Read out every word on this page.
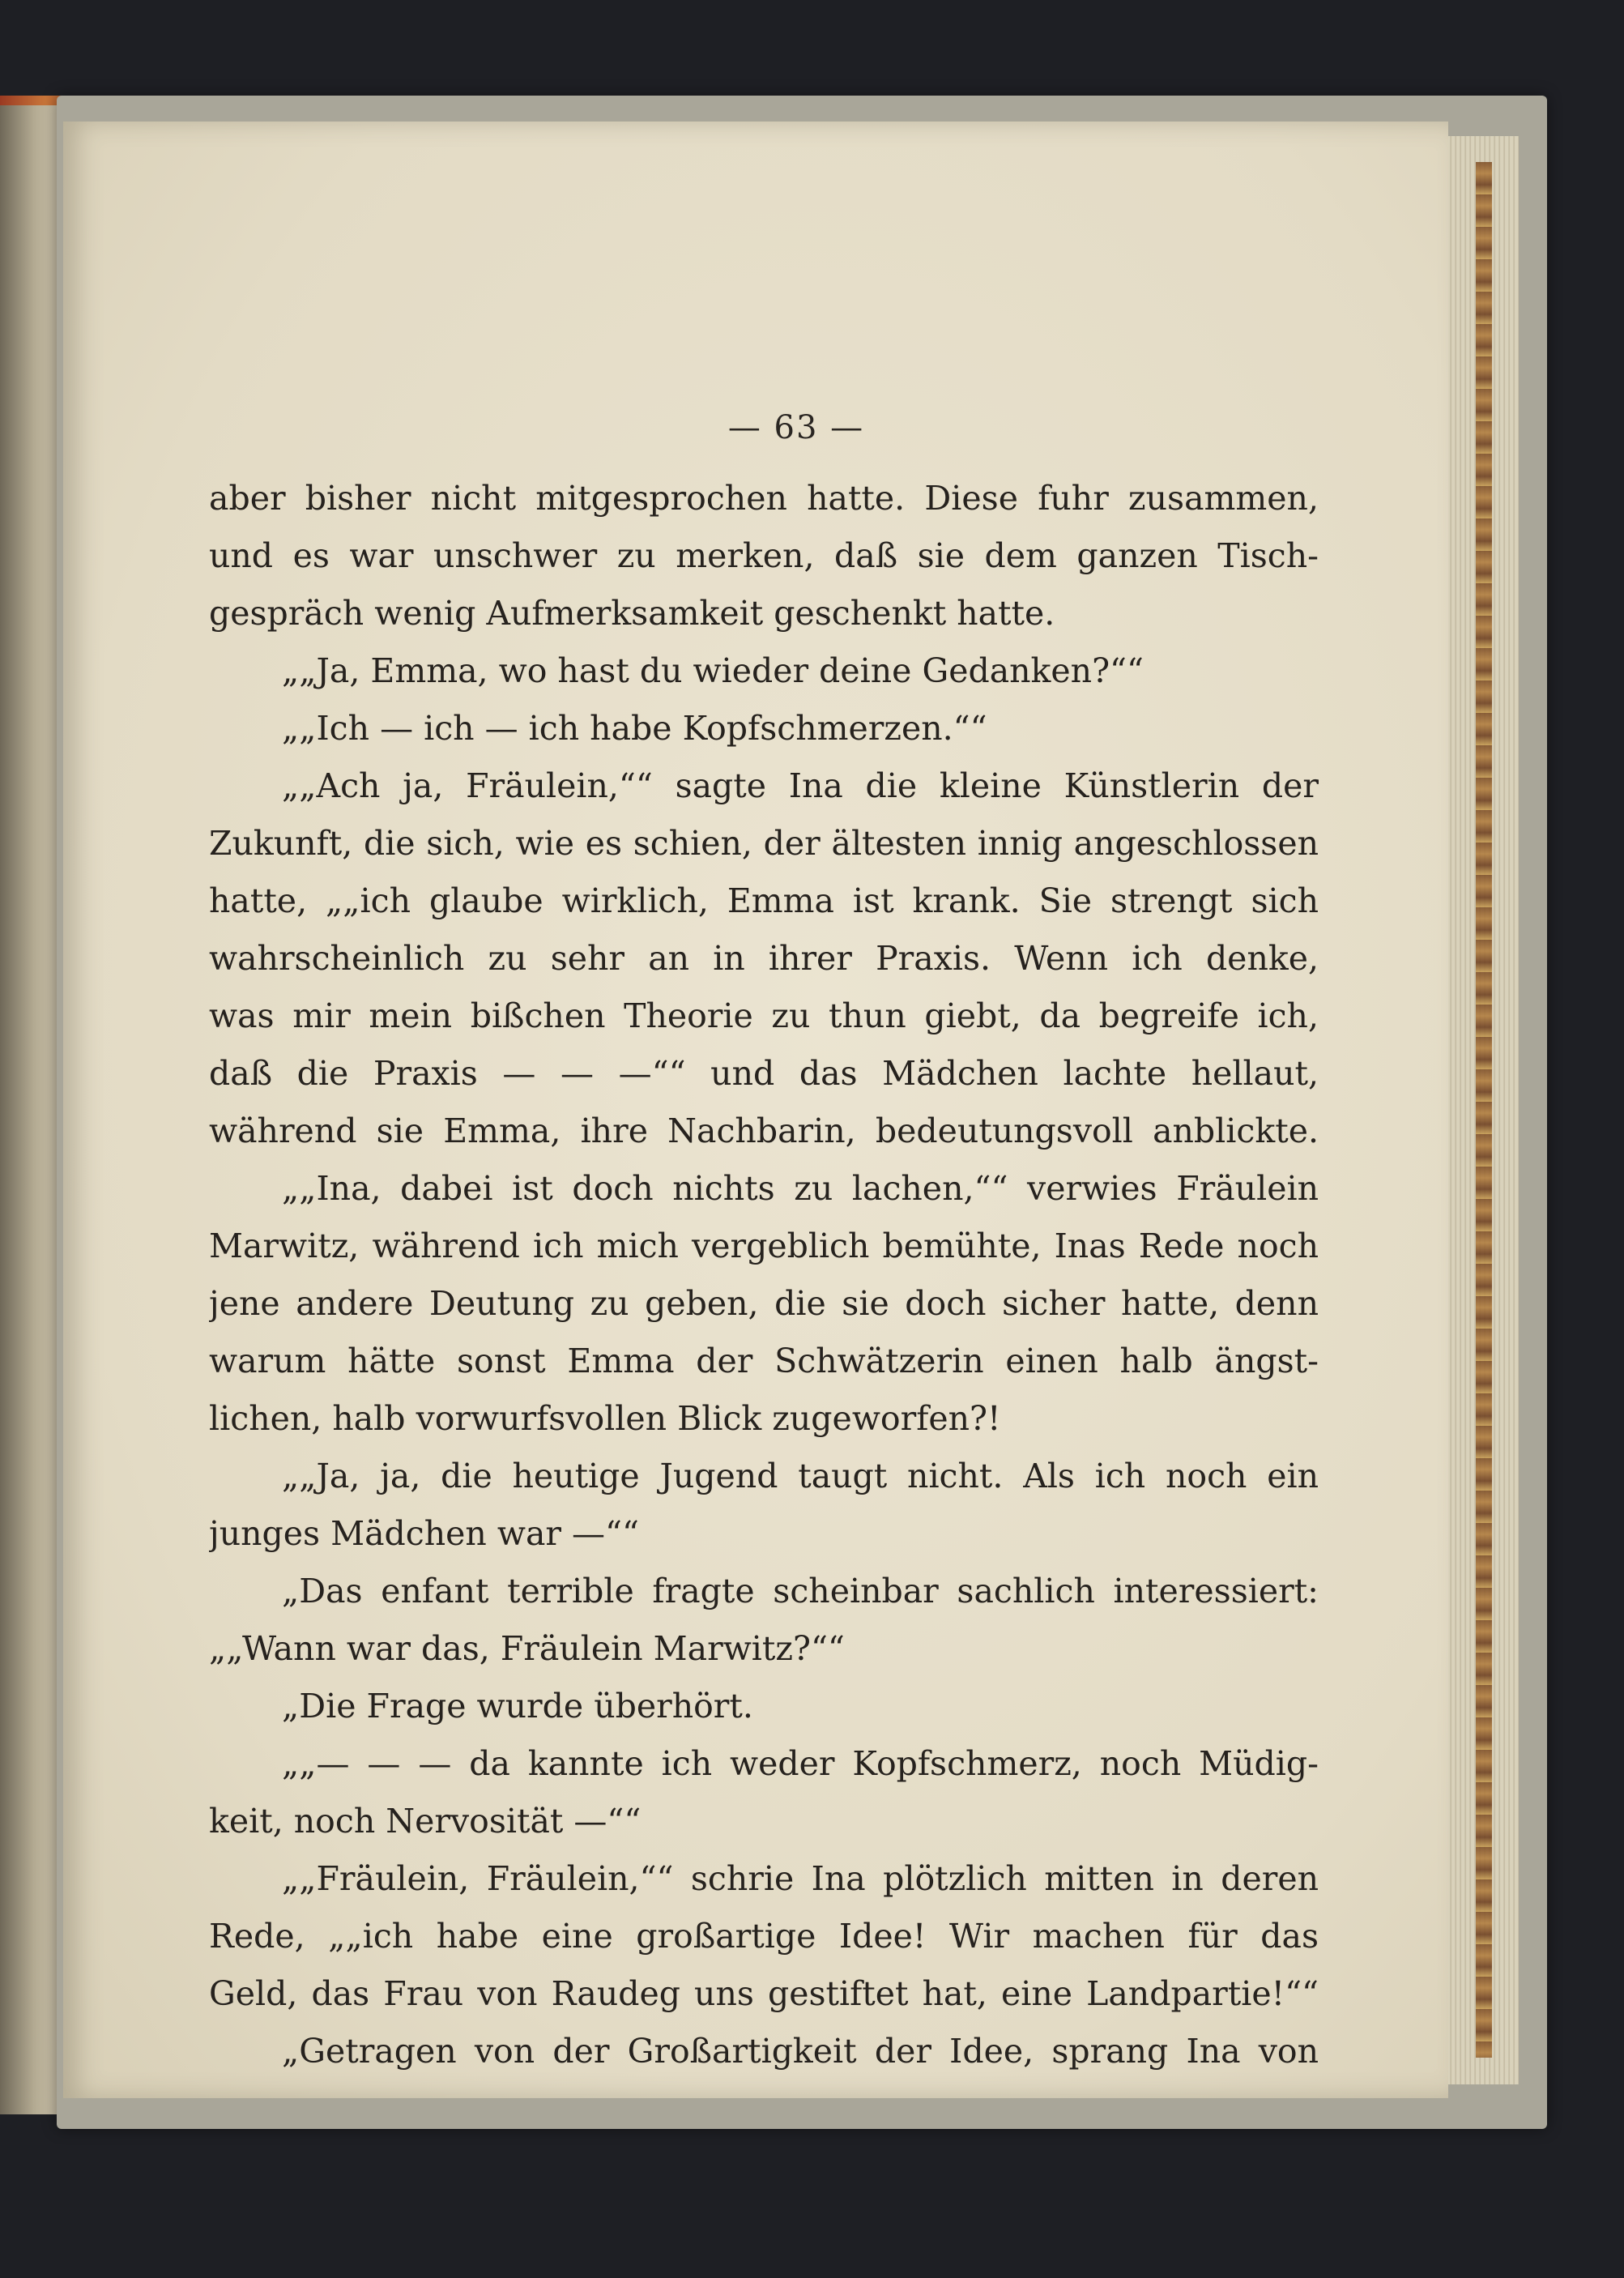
— 63 —
aber bisher nicht mitgesprochen hatte. Diese fuhr zusammen,
und es war unschwer zu merken, daß sie dem ganzen Tisch-
gespräch wenig Aufmerksamkeit geschenkt hatte.
„„Ja, Emma, wo hast du wieder deine Gedanken?““
„„Ich — ich — ich habe Kopfschmerzen.““
„„Ach ja, Fräulein,““ sagte Ina die kleine Künstlerin der
Zukunft, die sich, wie es schien, der ältesten innig angeschlossen
hatte, „„ich glaube wirklich, Emma ist krank. Sie strengt sich
wahrscheinlich zu sehr an in ihrer Praxis. Wenn ich denke,
was mir mein bißchen Theorie zu thun giebt, da begreife ich,
daß die Praxis — — —““ und das Mädchen lachte hellaut,
während sie Emma, ihre Nachbarin, bedeutungsvoll anblickte.
„„Ina, dabei ist doch nichts zu lachen,““ verwies Fräulein
Marwitz, während ich mich vergeblich bemühte, Inas Rede noch
jene andere Deutung zu geben, die sie doch sicher hatte, denn
warum hätte sonst Emma der Schwätzerin einen halb ängst-
lichen, halb vorwurfsvollen Blick zugeworfen?!
„„Ja, ja, die heutige Jugend taugt nicht. Als ich noch ein
junges Mädchen war —““
„Das enfant terrible fragte scheinbar sachlich interessiert:
„„Wann war das, Fräulein Marwitz?““
„Die Frage wurde überhört.
„„— — — da kannte ich weder Kopfschmerz, noch Müdig-
keit, noch Nervosität —““
„„Fräulein, Fräulein,““ schrie Ina plötzlich mitten in deren
Rede, „„ich habe eine großartige Idee! Wir machen für das
Geld, das Frau von Raudeg uns gestiftet hat, eine Landpartie!““
„Getragen von der Großartigkeit der Idee, sprang Ina von
